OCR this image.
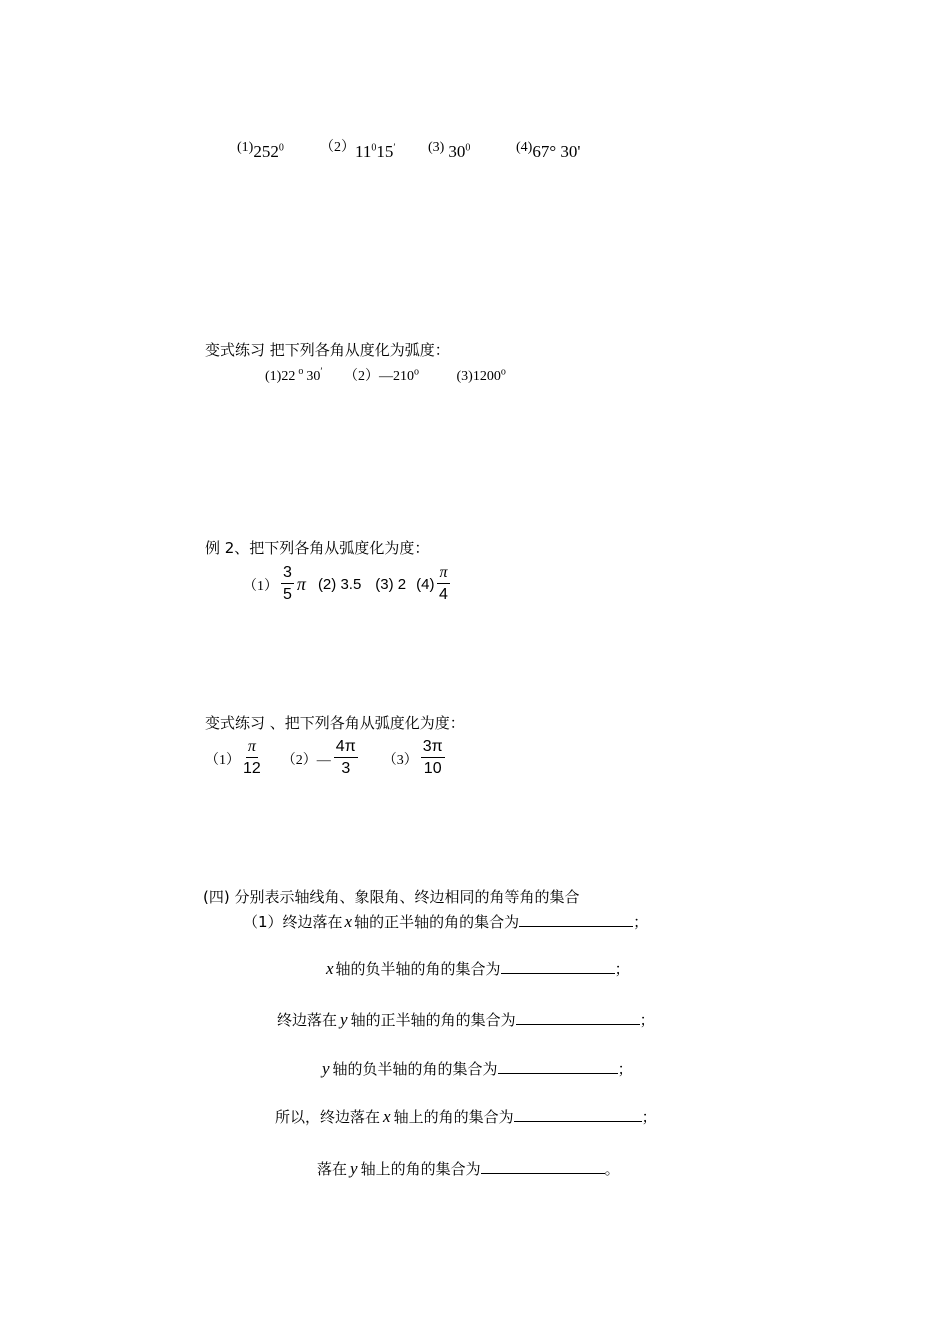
$(1)252^0$	$(2)11^015'$ (3) $30^0$	(4)67° 30'
变式练习 把下列各角从度化为弧度：
(1)22 $^o$ 30′ （2）—210$^o$	(3)1200$^o$
例 2、把下列各角从弧度化为度：
$(1) \frac{3}{5}$ π (2) 3.5 (3) 2 $(4) \frac{\pi}{4}$
变式练习 、把下列各角从弧度化为度：
$(1) \frac{\pi}{12}$ （2）— $\frac{4\pi}{3} (3) \frac{3\pi}{10}$
(四) 分别表示轴线角、象限角、终边相同的角等角的集合
（1）终边落在 x 轴的正半轴的角的集合为	；
x 轴的负半轴的角的集合为	；
终边落在 y 轴的正半轴的角的集合为	；
y 轴的负半轴的角的集合为	；
所以，终边落在 x 轴上的角的集合为	；
落在 y 轴上的角的集合为	。
